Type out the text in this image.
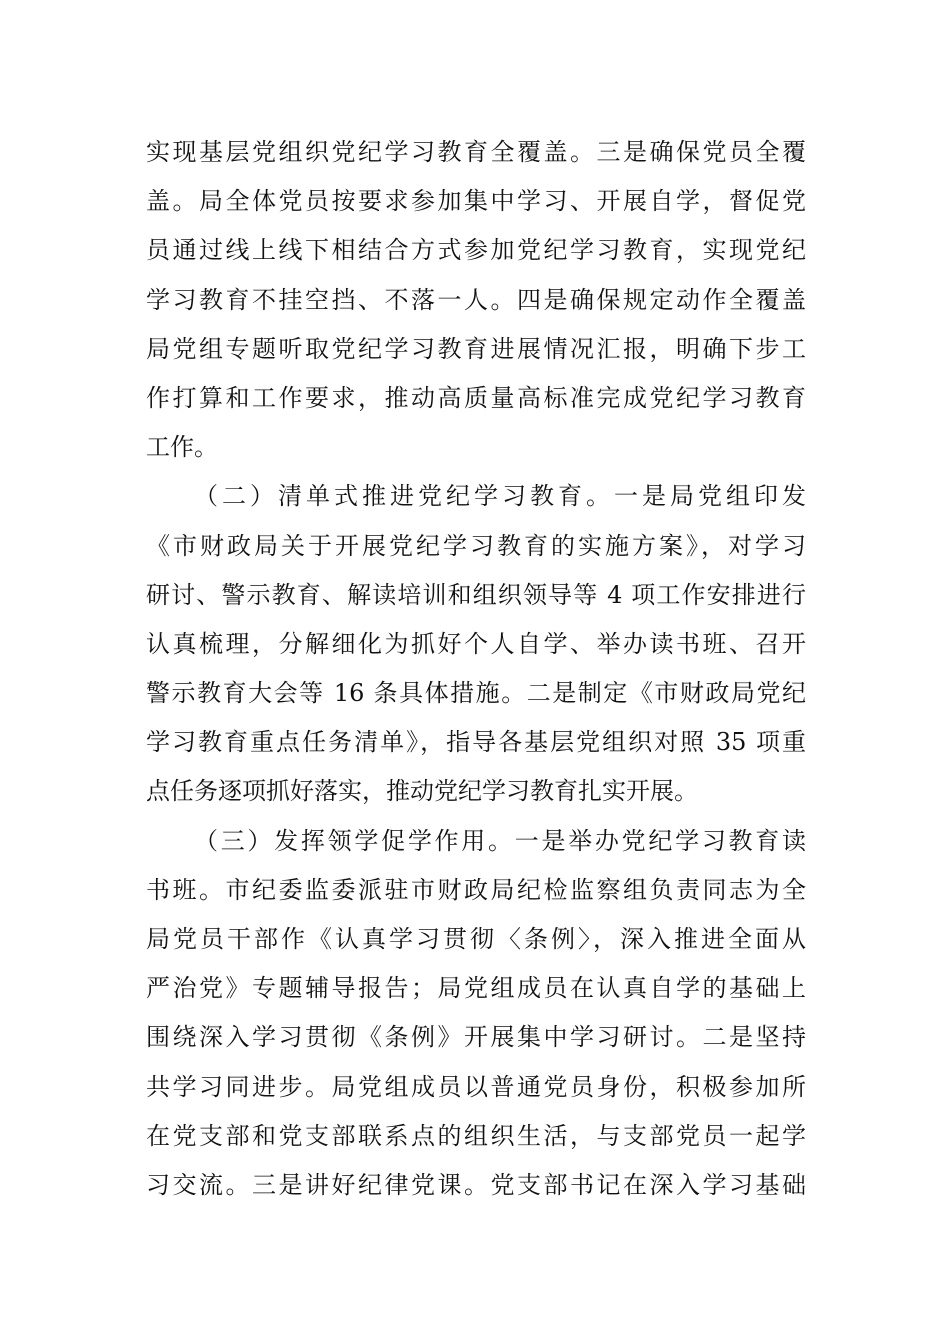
实现基层党组织党纪学习教育全覆盖。三是确保党员全覆
盖。局全体党员按要求参加集中学习、开展自学，督促党
员通过线上线下相结合方式参加党纪学习教育，实现党纪
学习教育不挂空挡、不落一人。四是确保规定动作全覆盖
局党组专题听取党纪学习教育进展情况汇报，明确下步工
作打算和工作要求，推动高质量高标准完成党纪学习教育
工作。
（二）清单式推进党纪学习教育。一是局党组印发
《市财政局关于开展党纪学习教育的实施方案》，对学习
研讨、警示教育、解读培训和组织领导等 4 项工作安排进行
认真梳理，分解细化为抓好个人自学、举办读书班、召开
警示教育大会等 16 条具体措施。二是制定《市财政局党纪
学习教育重点任务清单》，指导各基层党组织对照 35 项重
点任务逐项抓好落实，推动党纪学习教育扎实开展。
（三）发挥领学促学作用。一是举办党纪学习教育读
书班。市纪委监委派驻市财政局纪检监察组负责同志为全
局党员干部作《认真学习贯彻〈条例〉，深入推进全面从
严治党》专题辅导报告；局党组成员在认真自学的基础上
围绕深入学习贯彻《条例》开展集中学习研讨。二是坚持
共学习同进步。局党组成员以普通党员身份，积极参加所
在党支部和党支部联系点的组织生活，与支部党员一起学
习交流。三是讲好纪律党课。党支部书记在深入学习基础
